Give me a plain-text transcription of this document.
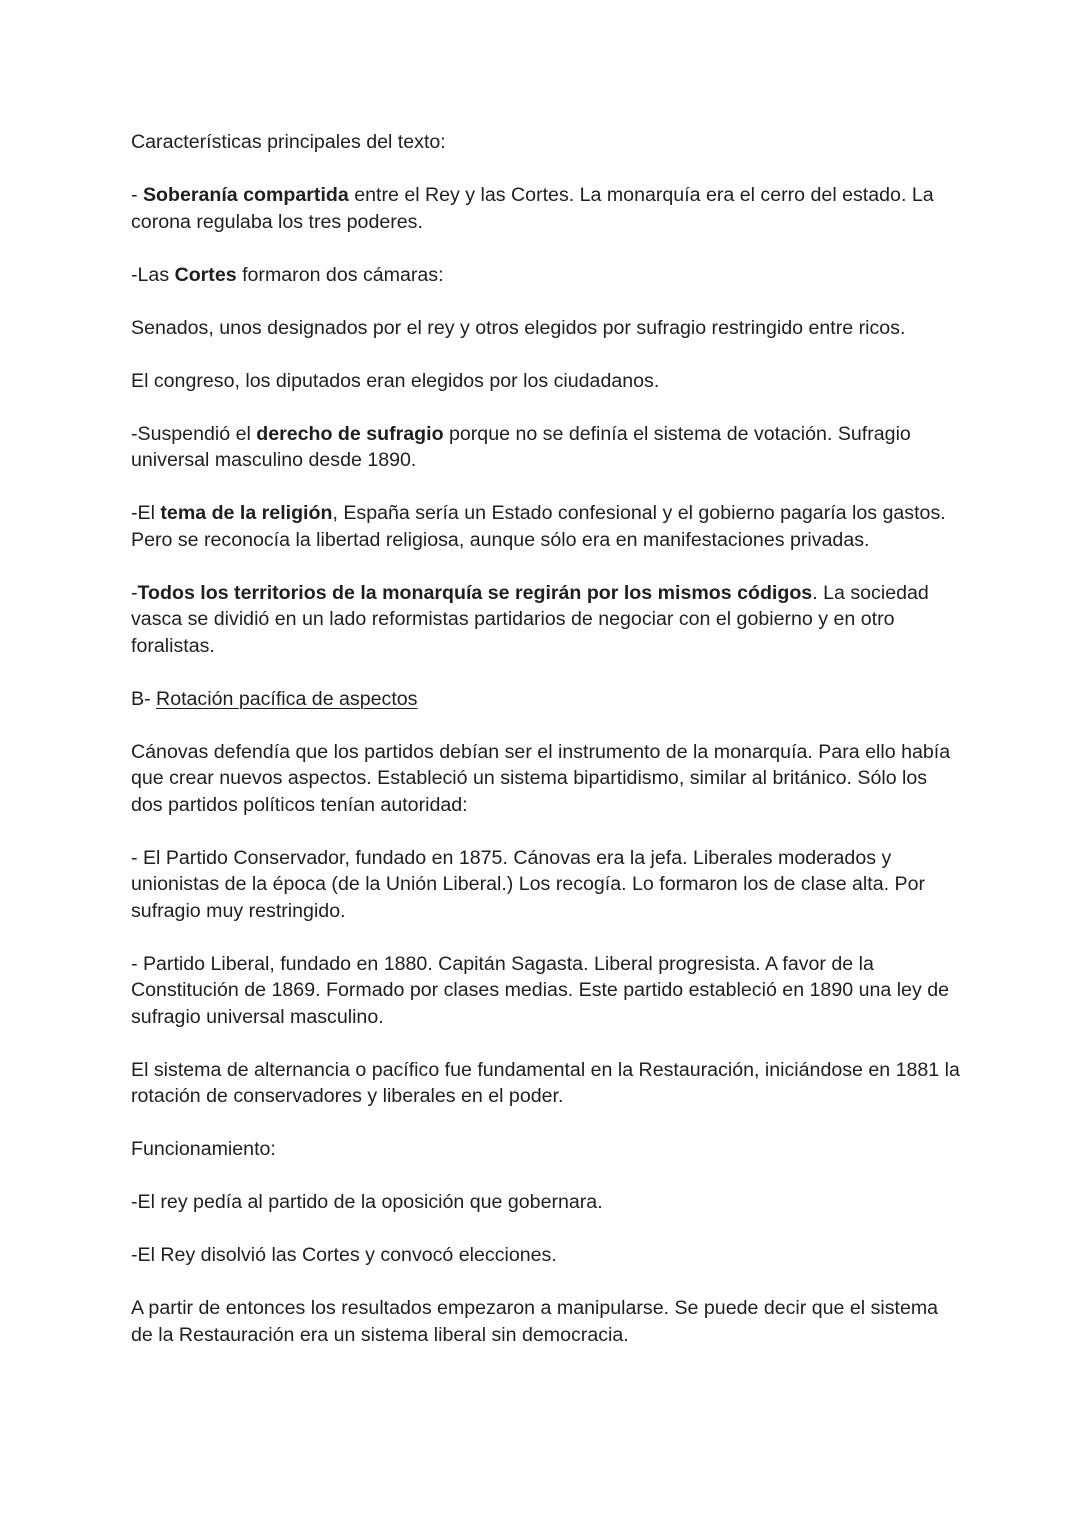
Características principales del texto:

- Soberanía compartida entre el Rey y las Cortes. La monarquía era el cerro del estado. La corona regulaba los tres poderes.

-Las Cortes formaron dos cámaras:

Senados, unos designados por el rey y otros elegidos por sufragio restringido entre ricos.

El congreso, los diputados eran elegidos por los ciudadanos.

-Suspendió el derecho de sufragio porque no se definía el sistema de votación. Sufragio universal masculino desde 1890.

-El tema de la religión, España sería un Estado confesional y el gobierno pagaría los gastos. Pero se reconocía la libertad religiosa, aunque sólo era en manifestaciones privadas.

-Todos los territorios de la monarquía se regirán por los mismos códigos. La sociedad vasca se dividió en un lado reformistas partidarios de negociar con el gobierno y en otro foralistas.

B- Rotación pacífica de aspectos

Cánovas defendía que los partidos debían ser el instrumento de la monarquía. Para ello había que crear nuevos aspectos. Estableció un sistema bipartidismo, similar al británico. Sólo los dos partidos políticos tenían autoridad:

- El Partido Conservador, fundado en 1875. Cánovas era la jefa. Liberales moderados y unionistas de la época (de la Unión Liberal.) Los recogía. Lo formaron los de clase alta. Por sufragio muy restringido.

- Partido Liberal, fundado en 1880. Capitán Sagasta. Liberal progresista. A favor de la Constitución de 1869. Formado por clases medias. Este partido estableció en 1890 una ley de sufragio universal masculino.

El sistema de alternancia o pacífico fue fundamental en la Restauración, iniciándose en 1881 la rotación de conservadores y liberales en el poder.

Funcionamiento:

-El rey pedía al partido de la oposición que gobernara.

-El Rey disolvió las Cortes y convocó elecciones.

A partir de entonces los resultados empezaron a manipularse. Se puede decir que el sistema de la Restauración era un sistema liberal sin democracia.
